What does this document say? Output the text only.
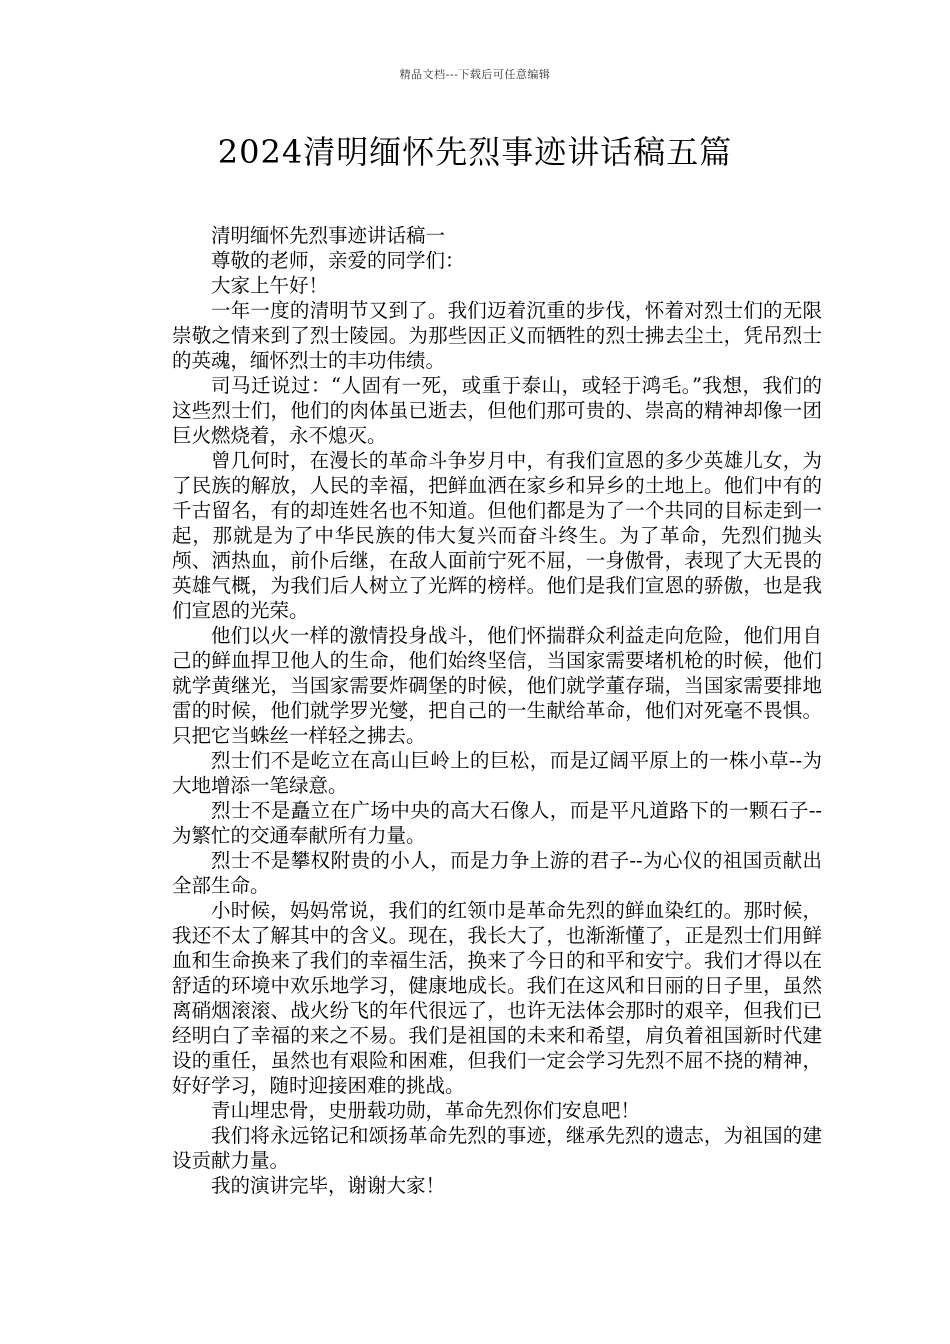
精品文档---下载后可任意编辑
2024清明缅怀先烈事迹讲话稿五篇

清明缅怀先烈事迹讲话稿一

尊敬的老师，亲爱的同学们：

大家上午好！

一年一度的清明节又到了。我们迈着沉重的步伐，怀着对烈士们的无限崇敬之情来到了烈士陵园。为那些因正义而牺牲的烈士拂去尘土，凭吊烈士的英魂，缅怀烈士的丰功伟绩。

司马迁说过：“人固有一死，或重于泰山，或轻于鸿毛。”我想，我们的这些烈士们，他们的肉体虽已逝去，但他们那可贵的、崇高的精神却像一团巨火燃烧着，永不熄灭。

曾几何时，在漫长的革命斗争岁月中，有我们宣恩的多少英雄儿女，为了民族的解放，人民的幸福，把鲜血洒在家乡和异乡的土地上。他们中有的千古留名，有的却连姓名也不知道。但他们都是为了一个共同的目标走到一起，那就是为了中华民族的伟大复兴而奋斗终生。为了革命，先烈们抛头颅、洒热血，前仆后继，在敌人面前宁死不屈，一身傲骨，表现了大无畏的英雄气概，为我们后人树立了光辉的榜样。他们是我们宣恩的骄傲，也是我们宣恩的光荣。

他们以火一样的激情投身战斗，他们怀揣群众利益走向危险，他们用自己的鲜血捍卫他人的生命，他们始终坚信，当国家需要堵机枪的时候，他们就学黄继光，当国家需要炸碉堡的时候，他们就学董存瑞，当国家需要排地雷的时候，他们就学罗光燮，把自己的一生献给革命，他们对死毫不畏惧。只把它当蛛丝一样轻之拂去。

烈士们不是屹立在高山巨岭上的巨松，而是辽阔平原上的一株小草--为大地增添一笔绿意。

烈士不是矗立在广场中央的高大石像人，而是平凡道路下的一颗石子--为繁忙的交通奉献所有力量。

烈士不是攀权附贵的小人，而是力争上游的君子--为心仪的祖国贡献出全部生命。

小时候，妈妈常说，我们的红领巾是革命先烈的鲜血染红的。那时候，我还不太了解其中的含义。现在，我长大了，也渐渐懂了，正是烈士们用鲜血和生命换来了我们的幸福生活，换来了今日的和平和安宁。我们才得以在舒适的环境中欢乐地学习，健康地成长。我们在这风和日丽的日子里，虽然离硝烟滚滚、战火纷飞的年代很远了，也许无法体会那时的艰辛，但我们已经明白了幸福的来之不易。我们是祖国的未来和希望，肩负着祖国新时代建设的重任，虽然也有艰险和困难，但我们一定会学习先烈不屈不挠的精神，好好学习，随时迎接困难的挑战。

青山埋忠骨，史册载功勋，革命先烈你们安息吧！

我们将永远铭记和颂扬革命先烈的事迹，继承先烈的遗志，为祖国的建设贡献力量。

我的演讲完毕，谢谢大家！
